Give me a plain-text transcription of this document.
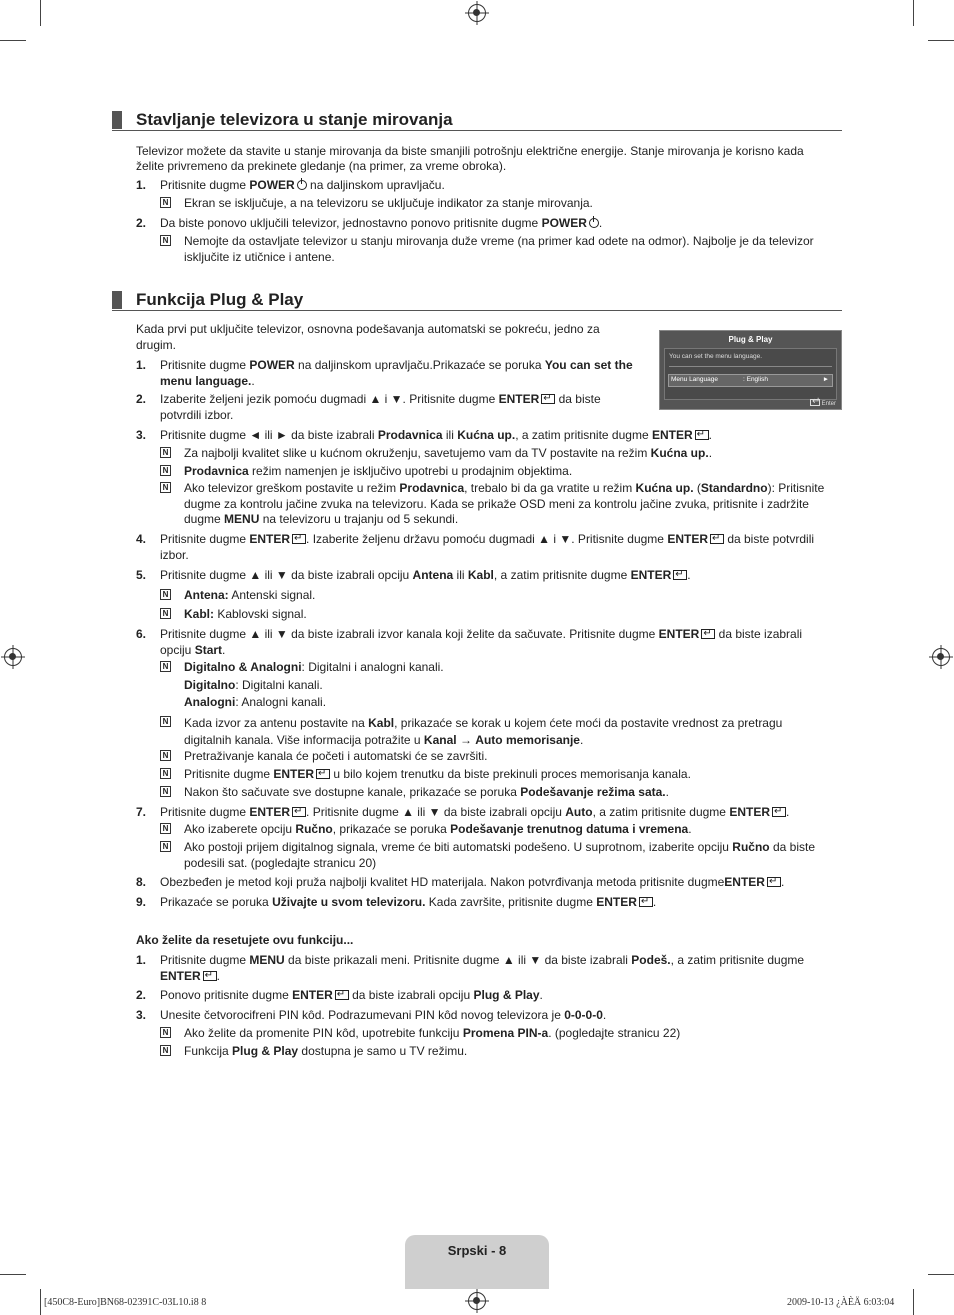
Stavljanje televizora u stanje mirovanja
Televizor možete da stavite u stanje mirovanja da biste smanjili potrošnju električne energije. Stanje mirovanja je korisno kada
želite privremeno da prekinete gledanje (na primer, za vreme obroka).
1. Pritisnite dugme POWER na daljinskom upravljaču.
N Ekran se isključuje, a na televizoru se uključuje indikator za stanje mirovanja.
2. Da biste ponovo uključili televizor, jednostavno ponovo pritisnite dugme POWER .
N Nemojte da ostavljate televizor u stanju mirovanja duže vreme (na primer kad odete na odmor). Najbolje je da televizor
isključite iz utičnice i antene.
Funkcija Plug & Play
Kada prvi put uključite televizor, osnovna podešavanja automatski se pokreću, jedno za
drugim.	Plug & Play
You can set the menu language.
Menu Language	: English	►
↵ Enter
1. Pritisnite dugme POWER na daljinskom upravljaču.Prikazaće se poruka You can set the
menu language..
2. Izaberite željeni jezik pomoću dugmadi ▲ i ▼. Pritisnite dugme ENTER↵ da biste
potvrdili izbor.
3. Pritisnite dugme ◄ ili ► da biste izabrali Prodavnica ili Kućna up., a zatim pritisnite dugme ENTER ↵ .
N Za najbolji kvalitet slike u kućnom okruženju, savetujemo vam da TV postavite na režim Kućna up..
N Prodavnica režim namenjen je isključivo upotrebi u prodajnim objektima.
N Ako televizor greškom postavite u režim Prodavnica, trebalo bi da ga vratite u režim Kućna up. (Standardno): Pritisnite
dugme za kontrolu jačine zvuka na televizoru. Kada se prikaže OSD meni za kontrolu jačine zvuka, pritisnite i zadržite
dugme MENU na televizoru u trajanju od 5 sekundi.
4. Pritisnite dugme ENTER ↵ . Izaberite željenu državu pomoću dugmadi ▲ i ▼. Pritisnite dugme ENTER↵ da biste potvrdili
izbor.
5. Pritisnite dugme ▲ ili ▼ da biste izabrali opciju Antena ili Kabl, a zatim pritisnite dugme ENTER ↵ .
N Antena: Antenski signal.
N Kabl: Kablovski signal.
6. Pritisnite dugme ▲ ili ▼ da biste izabrali izvor kanala koji želite da sačuvate. Pritisnite dugme ENTER↵ da biste izabrali
opciju Start.
N Digitalno & Analogni: Digitalni i analogni kanali.
Digitalno: Digitalni kanali.
Analogni: Analogni kanali.
N Kada izvor za antenu postavite na Kabl, prikazaće se korak u kojem ćete moći da postavite vrednost za pretragu
digitalnih kanala. Više informacija potražite u Kanal → Auto memorisanje.
N Pretraživanje kanala će početi i automatski će se završiti.
N Pritisnite dugme ENTER↵ u bilo kojem trenutku da biste prekinuli proces memorisanja kanala.
N Nakon što sačuvate sve dostupne kanale, prikazaće se poruka Podešavanje režima sata..
7. Pritisnite dugme ENTER ↵ . Pritisnite dugme ▲ ili ▼ da biste izabrali opciju Auto, a zatim pritisnite dugme ENTER ↵ .
N Ako izaberete opciju Ručno, prikazaće se poruka Podešavanje trenutnog datuma i vremena.
N Ako postoji prijem digitalnog signala, vreme će biti automatski podešeno. U suprotnom, izaberite opciju Ručno da biste
podesili sat. (pogledajte stranicu 20)
8. Obezbeđen je metod koji pruža najbolji kvalitet HD materijala. Nakon potvrđivanja metoda pritisnite dugmeENTER ↵ .
9. Prikazaće se poruka Uživajte u svom televizoru. Kada završite, pritisnite dugme ENTER ↵ .
Ako želite da resetujete ovu funkciju...
1. Pritisnite dugme MENU da biste prikazali meni. Pritisnite dugme ▲ ili ▼ da biste izabrali Podeš., a zatim pritisnite dugme
ENTER ↵ .
2. Ponovo pritisnite dugme ENTER↵ da biste izabrali opciju Plug & Play.
3. Unesite četvorocifreni PIN kôd. Podrazumevani PIN kôd novog televizora je 0-0-0-0.
N Ako želite da promenite PIN kôd, upotrebite funkciju Promena PIN-a. (pogledajte stranicu 22)
N Funkcija Plug & Play dostupna je samo u TV režimu.
Srpski - 8
[450C8-Euro]BN68-02391C-03L10.i8 8	2009-10-13 ¿ÀÈÄ 6:03:04
